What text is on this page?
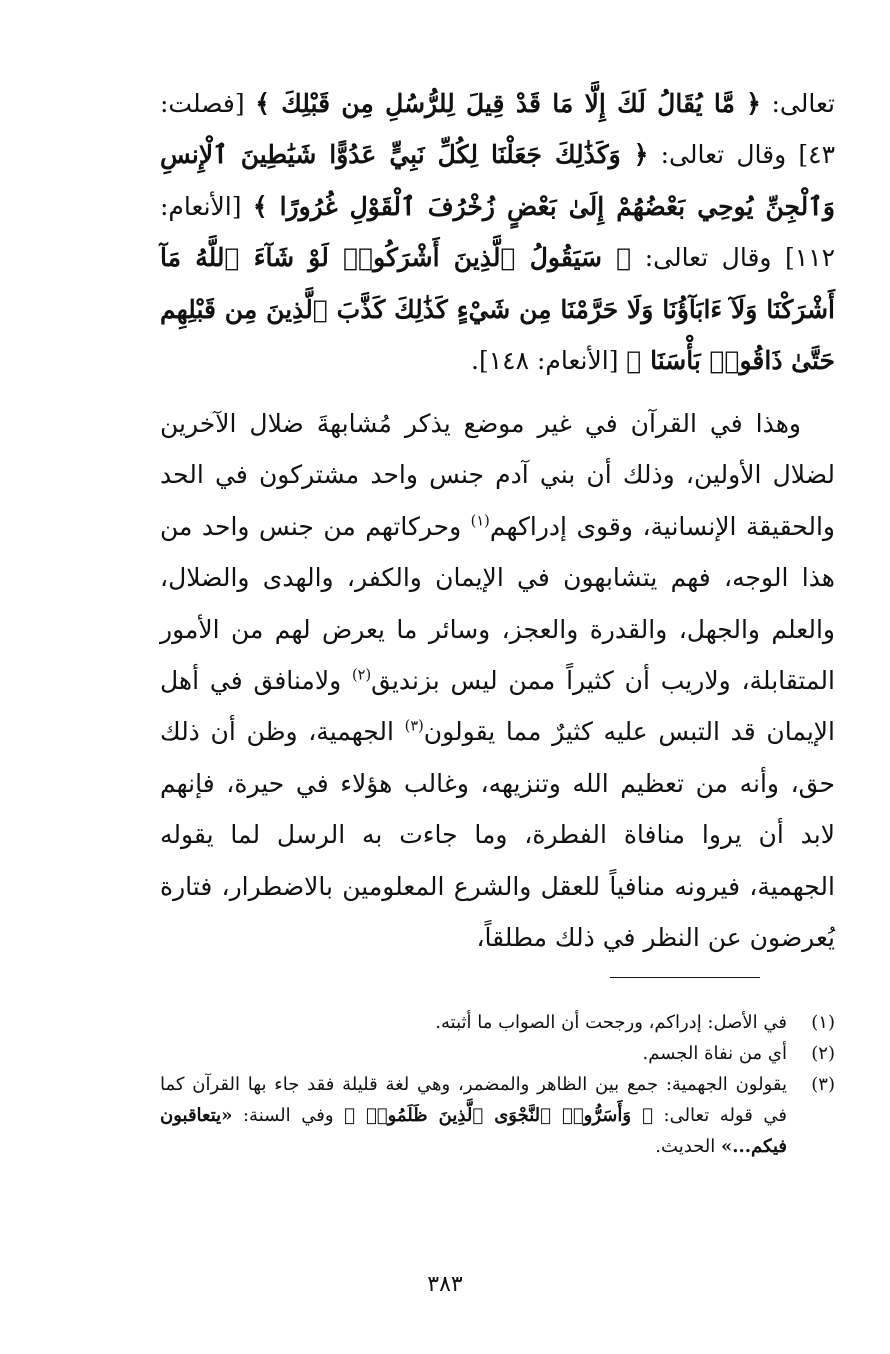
تعالى: ﴿ مَّا يُقَالُ لَكَ إِلَّا مَا قَدْ قِيلَ لِلرُّسُلِ مِن قَبْلِكَ ﴾ [فصلت: ٤٣] وقال تعالى: ﴿ وَكَذَٰلِكَ جَعَلْنَا لِكُلِّ نَبِيٍّ عَدُوًّا شَيَٰطِينَ ٱلْإِنسِ وَٱلْجِنِّ يُوحِي بَعْضُهُمْ إِلَىٰ بَعْضٍ زُخْرُفَ ٱلْقَوْلِ غُرُورًا ﴾ [الأنعام: ١١٢] وقال تعالى: ﴿ سَيَقُولُ ٱلَّذِينَ أَشْرَكُوا۟ لَوْ شَآءَ ٱللَّهُ مَآ أَشْرَكْنَا وَلَآ ءَابَآؤُنَا وَلَا حَرَّمْنَا مِن شَيْءٍ كَذَٰلِكَ كَذَّبَ ٱلَّذِينَ مِن قَبْلِهِم حَتَّىٰ ذَاقُوا۟ بَأْسَنَا ﴾ [الأنعام: ١٤٨].
وهذا في القرآن في غير موضع يذكر مُشابهةَ ضلال الآخرين لضلال الأولين، وذلك أن بني آدم جنس واحد مشتركون في الحد والحقيقة الإنسانية، وقوى إدراكهم$^{(١)}$ وحركاتهم من جنس واحد من هذا الوجه، فهم يتشابهون في الإيمان والكفر، والهدى والضلال، والعلم والجهل، والقدرة والعجز، وسائر ما يعرض لهم من الأمور المتقابلة، ولاريب أن كثيراً ممن ليس بزنديق$^{(٢)}$ ولامنافق في أهل الإيمان قد التبس عليه كثيرٌ مما يقولون$^{(٣)}$ الجهمية، وظن أن ذلك حق، وأنه من تعظيم الله وتنزيهه، وغالب هؤلاء في حيرة، فإنهم لابد أن يروا منافاة الفطرة، وما جاءت به الرسل لما يقوله الجهمية، فيرونه منافياً للعقل والشرع المعلومين بالاضطرار، فتارة يُعرضون عن النظر في ذلك مطلقاً،
(١)
في الأصل: إدراكم، ورجحت أن الصواب ما أثبته.
(٢)
أي من نفاة الجسم.
(٣)
يقولون الجهمية: جمع بين الظاهر والمضمر، وهي لغة قليلة فقد جاء بها القرآن كما في قوله تعالى: ﴿ وَأَسَرُّوا۟ ٱلنَّجْوَى ٱلَّذِينَ ظَلَمُوا۟ ﴾ وفي السنة: «يتعاقبون فيكم...» الحديث.
٣٨٣
